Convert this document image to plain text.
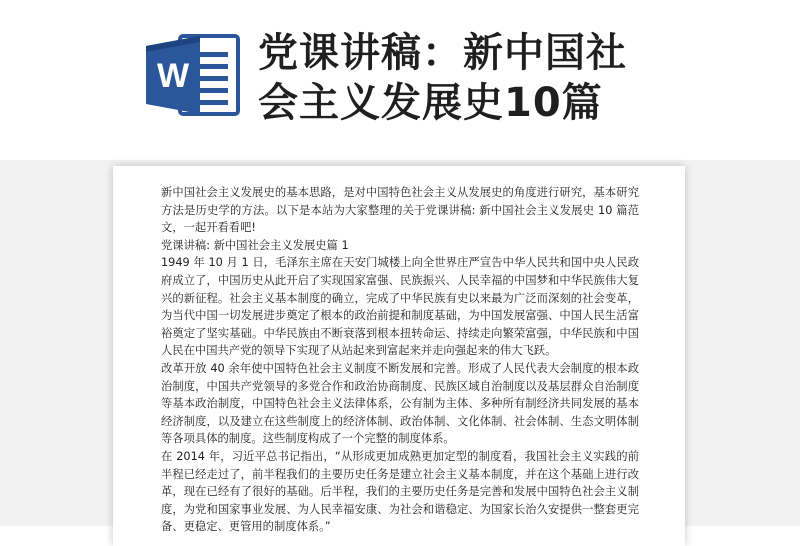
W 党课讲稿：新中国社
会主义发展史10篇

新中国社会主义发展史的基本思路，是对中国特色社会主义从发展史的角度进行研究，基本研究方法是历史学的方法。以下是本站为大家整理的关于党课讲稿: 新中国社会主义发展史 10 篇范文，一起开看看吧!

党课讲稿: 新中国社会主义发展史篇 1

1949 年 10 月 1 日，毛泽东主席在天安门城楼上向全世界庄严宣告中华人民共和国中央人民政府成立了，中国历史从此开启了实现国家富强、民族振兴、人民幸福的中国梦和中华民族伟大复兴的新征程。社会主义基本制度的确立，完成了中华民族有史以来最为广泛而深刻的社会变革，为当代中国一切发展进步奠定了根本的政治前提和制度基础，为中国发展富强、中国人民生活富裕奠定了坚实基础。中华民族由不断衰落到根本扭转命运、持续走向繁荣富强，中华民族和中国人民在中国共产党的领导下实现了从站起来到富起来并走向强起来的伟大飞跃。

改革开放 40 余年使中国特色社会主义制度不断发展和完善。形成了人民代表大会制度的根本政治制度，中国共产党领导的多党合作和政治协商制度、民族区域自治制度以及基层群众自治制度等基本政治制度，中国特色社会主义法律体系，公有制为主体、多种所有制经济共同发展的基本经济制度，以及建立在这些制度上的经济体制、政治体制、文化体制、社会体制、生态文明体制等各项具体的制度。这些制度构成了一个完整的制度体系。

在 2014 年，习近平总书记指出，“从形成更加成熟更加定型的制度看，我国社会主义实践的前半程已经走过了，前半程我们的主要历史任务是建立社会主义基本制度，并在这个基础上进行改革，现在已经有了很好的基础。后半程，我们的主要历史任务是完善和发展中国特色社会主义制度，为党和国家事业发展、为人民幸福安康、为社会和谐稳定、为国家长治久安提供一整套更完备、更稳定、更管用的制度体系。”
